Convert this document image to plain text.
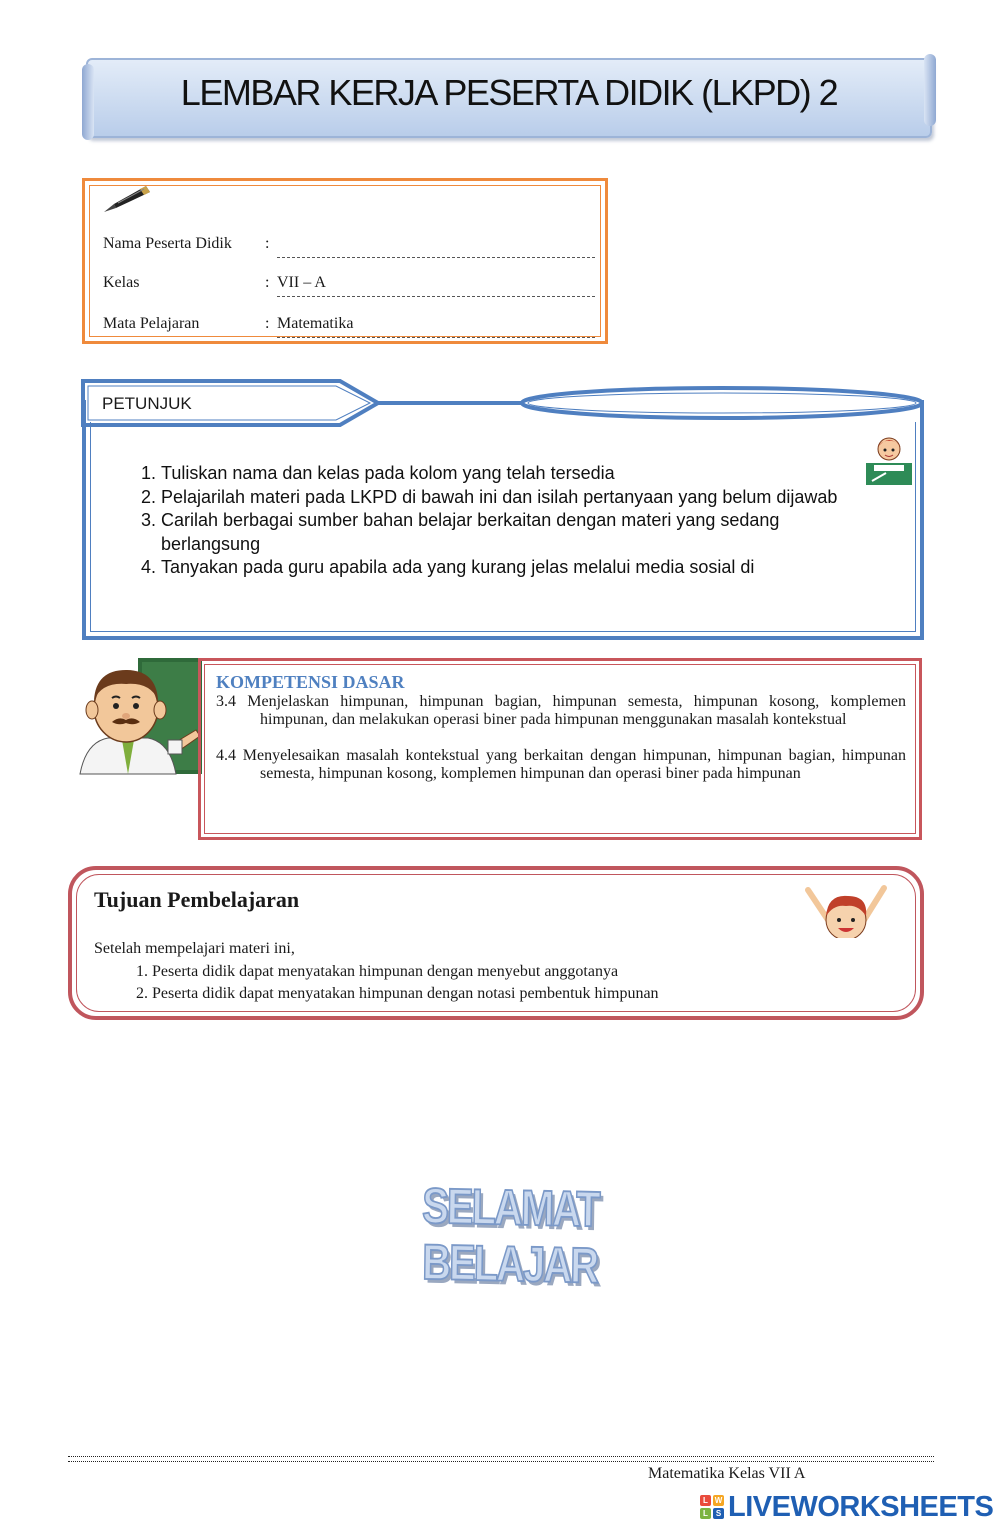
LEMBAR KERJA PESERTA DIDIK (LKPD) 2
Nama Peserta Didik :
Kelas	: VII – A
Mata Pelajaran	: Matematika
PETUNJUK
1. Tuliskan nama dan kelas pada kolom yang telah tersedia
2. Pelajarilah materi pada LKPD di bawah ini dan isilah pertanyaan yang belum dijawab
3. Carilah berbagai sumber bahan belajar berkaitan dengan materi yang sedang berlangsung
4. Tanyakan pada guru apabila ada yang kurang jelas melalui media sosial di
KOMPETENSI DASAR
3.4 Menjelaskan himpunan, himpunan bagian, himpunan semesta, himpunan kosong, komplemen himpunan, dan melakukan operasi biner pada himpunan menggunakan masalah kontekstual
4.4 Menyelesaikan masalah kontekstual yang berkaitan dengan himpunan, himpunan bagian, himpunan semesta, himpunan kosong, komplemen himpunan dan operasi biner pada himpunan
Tujuan Pembelajaran
Setelah mempelajari materi ini,
1. Peserta didik dapat menyatakan himpunan dengan menyebut anggotanya
2. Peserta didik dapat menyatakan himpunan dengan notasi pembentuk himpunan
SELAMAT BELAJAR
Matematika Kelas VII A
L W
L S LIVEWORKSHEETS
